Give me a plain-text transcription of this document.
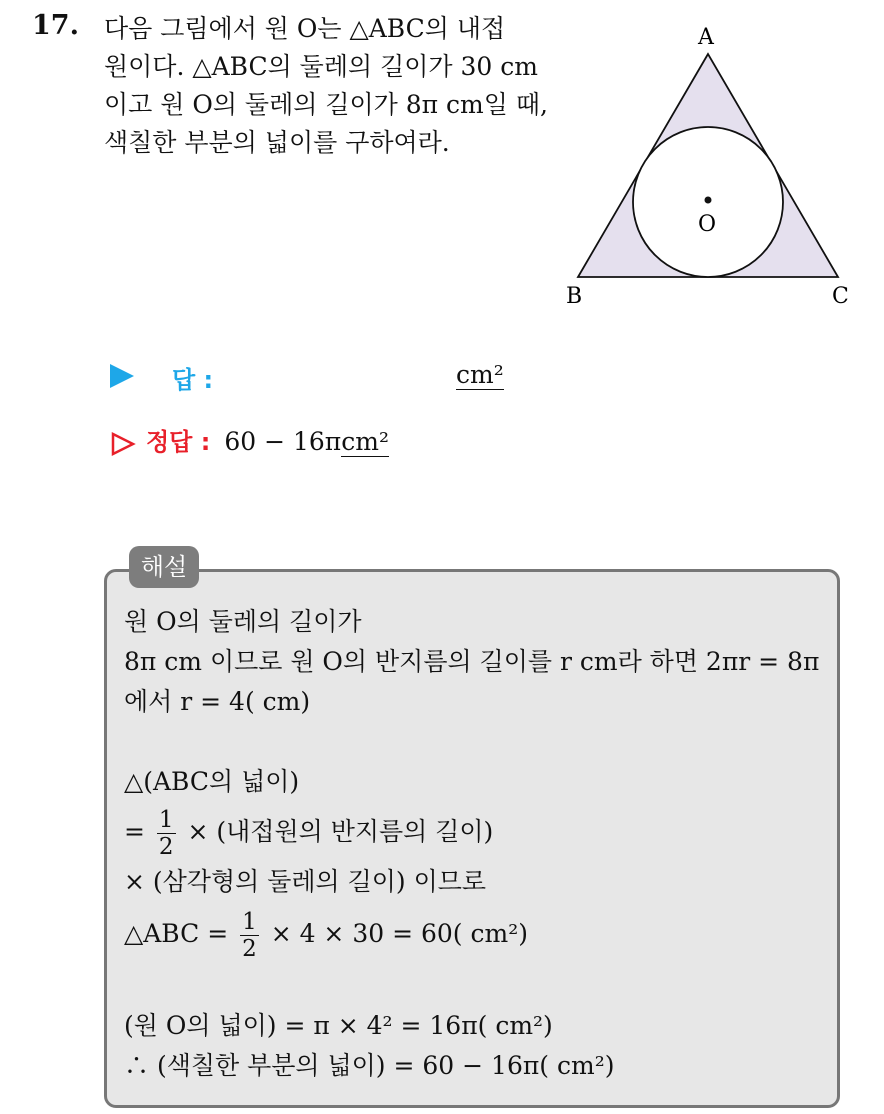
17. 다음 그림에서 원 O는 △ABC의 내접
원이다. △ABC의 둘레의 길이가 30 cm
이고 원 O의 둘레의 길이가 8π cm일 때,
색칠한 부분의 넓이를 구하여라.
A
B	C
O
답 :	cm²
정답 : 60 − 16πcm²
해설
원 O의 둘레의 길이가
8π cm 이므로 원 O의 반지름의 길이를 r cm라 하면 2πr = 8π
에서 r = 4( cm)
△(ABC의 넓이)
= $\frac{1}{2}$ × (내접원의 반지름의 길이)
× (삼각형의 둘레의 길이) 이므로
△ABC = $\frac{1}{2} \times 4 \times 30 = 60$( cm²)
(원 O의 넓이) = π × 4² = 16π( cm²)
∴ (색칠한 부분의 넓이) = 60 − 16π( cm²)
